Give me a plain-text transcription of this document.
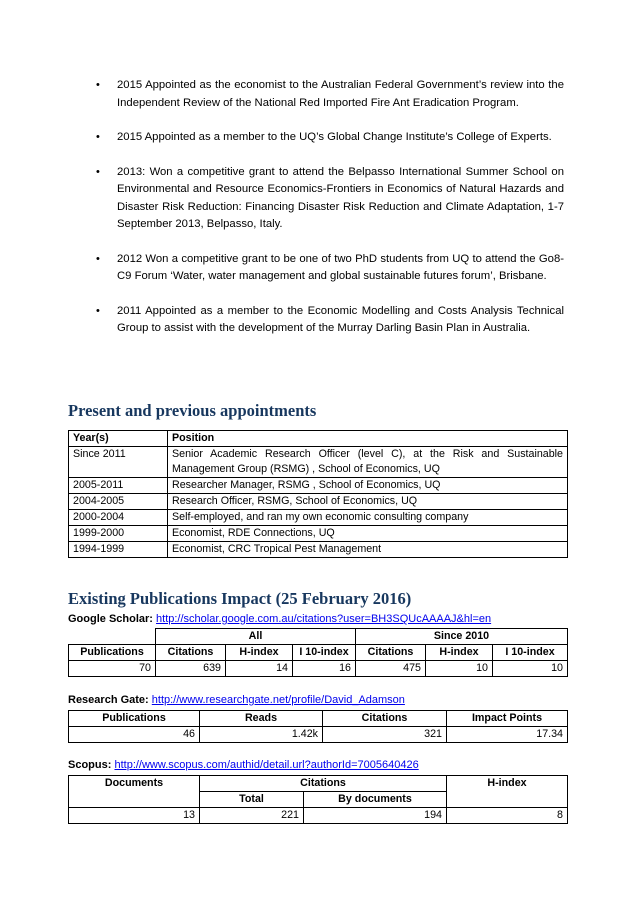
• 2015 Appointed as the economist to the Australian Federal Government’s review into the Independent Review of the National Red Imported Fire Ant Eradication Program.
• 2015 Appointed as a member to the UQ’s Global Change Institute’s College of Experts.
• 2013: Won a competitive grant to attend the Belpasso International Summer School on Environmental and Resource Economics-Frontiers in Economics of Natural Hazards and Disaster Risk Reduction: Financing Disaster Risk Reduction and Climate Adaptation, 1-7 September 2013, Belpasso, Italy.
• 2012 Won a competitive grant to be one of two PhD students from UQ to attend the Go8-C9 Forum ‘Water, water management and global sustainable futures forum’, Brisbane.
• 2011 Appointed as a member to the Economic Modelling and Costs Analysis Technical Group to assist with the development of the Murray Darling Basin Plan in Australia.
Present and previous appointments
Year(s)	Position
Since 2011	Senior Academic Research Officer (level C), at the Risk and Sustainable Management Group (RSMG) , School of Economics, UQ
2005-2011	Researcher Manager, RSMG , School of Economics, UQ
2004-2005	Research Officer, RSMG, School of Economics, UQ
2000-2004	Self-employed, and ran my own economic consulting company
1999-2000	Economist, RDE Connections, UQ
1994-1999	Economist, CRC Tropical Pest Management
Existing Publications Impact (25 February 2016)
Google Scholar: http://scholar.google.com.au/citations?user=BH3SQUcAAAAJ&hl=en
	All			Since 2010		
Publications	Citations	H-index	I 10-index	Citations	H-index	I 10-index
70	639	14	16	475	10	10
Research Gate: http://www.researchgate.net/profile/David_Adamson
Publications	Reads	Citations	Impact Points
46	1.42k	321	17.34
Scopus: http://www.scopus.com/authid/detail.url?authorId=7005640426
Documents	Citations		H-index
	Total	By documents	
13	221	194	8
